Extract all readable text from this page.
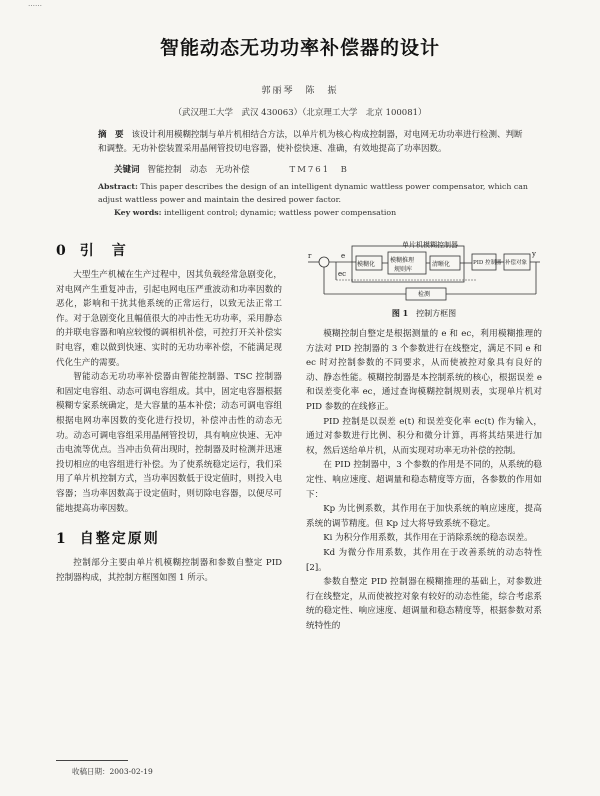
……
智能动态无功功率补偿器的设计
郭丽琴　陈　振
（武汉理工大学　武汉 430063）（北京理工大学　北京 100081）
摘　要 该设计利用模糊控制与单片机相结合方法，以单片机为核心构成控制器，对电网无功功率进行检测、判断和调整。无功补偿装置采用晶闸管投切电容器，使补偿快速、准确，有效地提高了功率因数。
关键词 智能控制　动态　无功补偿	TM761　B
Abstract: This paper describes the design of an intelligent dynamic wattless power compensator, which can adjust wattless power and maintain the desired power factor.
Key words: intelligent control; dynamic; wattless power compensation
0 引　言

大型生产机械在生产过程中，因其负载经常急剧变化，对电网产生重复冲击，引起电网电压严重波动和功率因数的恶化，影响和干扰其他系统的正常运行，以致无法正常工作。对于急剧变化且幅值很大的冲击性无功功率，采用静态的并联电容器和响应较慢的调相机补偿，可控打开关补偿实时电容，难以做到快速、实时的无功功率补偿，不能满足现代化生产的需要。

智能动态无功功率补偿器由智能控制器、TSC 控制器和固定电容组、动态可调电容组成。其中，固定电容器根据模糊专家系统确定，是大容量的基本补偿；动态可调电容组根据电网功率因数的变化进行投切，补偿冲击性的动态无功。动态可调电容组采用晶闸管投切，具有响应快速、无冲击电流等优点。当冲击负荷出现时，控制器及时检测并迅速投切相应的电容组进行补偿。为了使系统稳定运行，我们采用了单片机控制方式，当功率因数低于设定值时，则投入电容器；当功率因数高于设定值时，则切除电容器，以便尽可能地提高功率因数。

1 自整定原则

控制部分主要由单片机模糊控制器和参数自整定 PID 控制器构成，其控制方框图如图 1 所示。

收稿日期：2003-02-19
单片机模糊控制器
模糊化
模糊推理
规则库
清晰化	PID 控制器 补偿对象
检测
r	e
ec
y
图 1 控制方框图

模糊控制自整定是根据测量的 e 和 ec，利用模糊推理的方法对 PID 控制器的 3 个参数进行在线整定，满足不同 e 和 ec 时对控制参数的不同要求，从而使被控对象具有良好的动、静态性能。模糊控制器是本控制系统的核心，根据误差 e 和误差变化率 ec，通过查询模糊控制规则表，实现单片机对 PID 参数的在线修正。

PID 控制是以误差 e(t) 和误差变化率 ec(t) 作为输入，通过对参数进行比例、积分和微分计算，再将其结果进行加权，然后送给单片机，从而实现对功率无功补偿的控制。

在 PID 控制器中，3 个参数的作用是不同的，从系统的稳定性、响应速度、超调量和稳态精度等方面，各参数的作用如下：

Kp 为比例系数，其作用在于加快系统的响应速度，提高系统的调节精度。但 Kp 过大将导致系统不稳定。

Ki 为积分作用系数，其作用在于消除系统的稳态误差。

Kd 为微分作用系数，其作用在于改善系统的动态特性[2]。

参数自整定 PID 控制器在模糊推理的基础上，对参数进行在线整定，从而使被控对象有较好的动态性能，综合考虑系统的稳定性、响应速度、超调量和稳态精度等，根据参数对系统特性的
